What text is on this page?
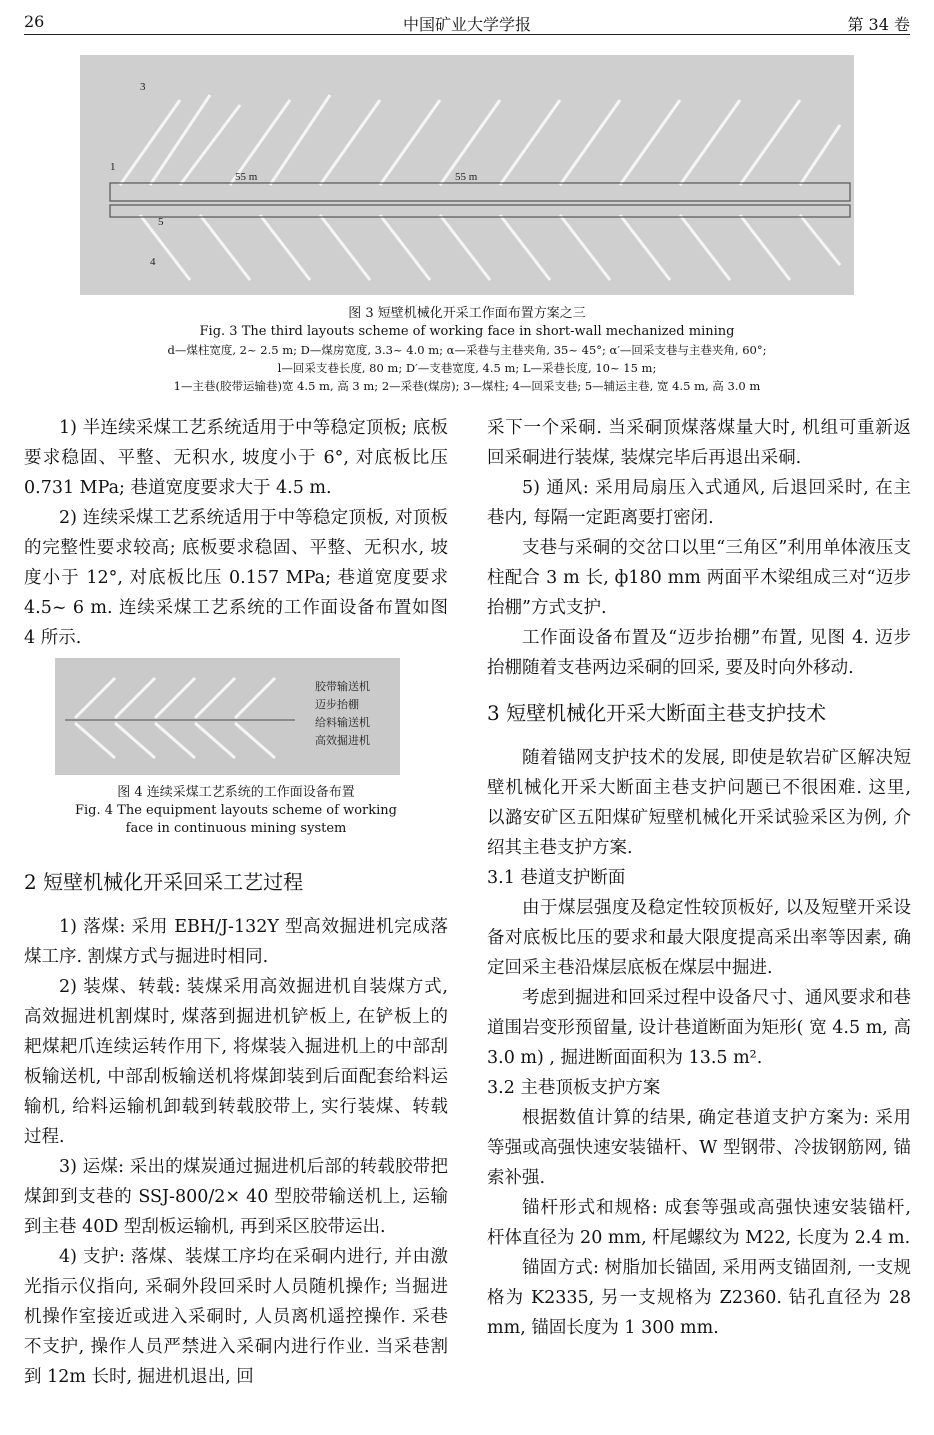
26	中国矿业大学学报	第 34 卷
55 m	55 m
1
3
5
4
图 3 短壁机械化开采工作面布置方案之三
Fig. 3 The third layouts scheme of working face in short-wall mechanized mining
d—煤柱宽度, 2~ 2.5 m; D—煤房宽度, 3.3~ 4.0 m; α—采巷与主巷夹角, 35~ 45°; α′—回采支巷与主巷夹角, 60°;
l—回采支巷长度, 80 m; D′—支巷宽度, 4.5 m; L—采巷长度, 10~ 15 m;
1—主巷(胶带运输巷)宽 4.5 m, 高 3 m; 2—采巷(煤房); 3—煤柱; 4—回采支巷; 5—辅运主巷, 宽 4.5 m, 高 3.0 m

1) 半连续采煤工艺系统适用于中等稳定顶板; 底板要求稳固、平整、无积水, 坡度小于 6°, 对底板比压 0.731 MPa; 巷道宽度要求大于 4.5 m.

2) 连续采煤工艺系统适用于中等稳定顶板, 对顶板的完整性要求较高; 底板要求稳固、平整、无积水, 坡度小于 12°, 对底板比压 0.157 MPa; 巷道宽度要求 4.5~ 6 m. 连续采煤工艺系统的工作面设备布置如图 4 所示.

胶带输送机
迈步抬棚
给料输送机
高效掘进机
图 4 连续采煤工艺系统的工作面设备布置
Fig. 4 The equipment layouts scheme of working
face in continuous mining system
2 短壁机械化开采回采工艺过程

1) 落煤: 采用 EBH/J-132Y 型高效掘进机完成落煤工序. 割煤方式与掘进时相同.

2) 装煤、转载: 装煤采用高效掘进机自装煤方式, 高效掘进机割煤时, 煤落到掘进机铲板上, 在铲板上的耙煤耙爪连续运转作用下, 将煤装入掘进机上的中部刮板输送机, 中部刮板输送机将煤卸装到后面配套给料运输机, 给料运输机卸载到转载胶带上, 实行装煤、转载过程.

3) 运煤: 采出的煤炭通过掘进机后部的转载胶带把煤卸到支巷的 SSJ-800/2× 40 型胶带输送机上, 运输到主巷 40D 型刮板运输机, 再到采区胶带运出.

4) 支护: 落煤、装煤工序均在采硐内进行, 并由激光指示仪指向, 采硐外段回采时人员随机操作; 当掘进机操作室接近或进入采硐时, 人员离机遥控操作. 采巷不支护, 操作人员严禁进入采硐内进行作业. 当采巷割到 12m 长时, 掘进机退出, 回

采下一个采硐. 当采硐顶煤落煤量大时, 机组可重新返回采硐进行装煤, 装煤完毕后再退出采硐.

5) 通风: 采用局扇压入式通风, 后退回采时, 在主巷内, 每隔一定距离要打密闭.

支巷与采硐的交岔口以里“三角区”利用单体液压支柱配合 3 m 长, ф180 mm 两面平木梁组成三对“迈步抬棚”方式支护.

工作面设备布置及“迈步抬棚”布置, 见图 4. 迈步抬棚随着支巷两边采硐的回采, 要及时向外移动.

3 短壁机械化开采大断面主巷支护技术

随着锚网支护技术的发展, 即使是软岩矿区解决短壁机械化开采大断面主巷支护问题已不很困难. 这里, 以潞安矿区五阳煤矿短壁机械化开采试验采区为例, 介绍其主巷支护方案.

3.1 巷道支护断面

由于煤层强度及稳定性较顶板好, 以及短壁开采设备对底板比压的要求和最大限度提高采出率等因素, 确定回采主巷沿煤层底板在煤层中掘进.

考虑到掘进和回采过程中设备尺寸、通风要求和巷道围岩变形预留量, 设计巷道断面为矩形( 宽 4.5 m, 高 3.0 m) , 掘进断面面积为 13.5 m².

3.2 主巷顶板支护方案

根据数值计算的结果, 确定巷道支护方案为: 采用等强或高强快速安装锚杆、W 型钢带、冷拔钢筋网, 锚索补强.

锚杆形式和规格: 成套等强或高强快速安装锚杆, 杆体直径为 20 mm, 杆尾螺纹为 M22, 长度为 2.4 m.

锚固方式: 树脂加长锚固, 采用两支锚固剂, 一支规格为 K2335, 另一支规格为 Z2360. 钻孔直径为 28 mm, 锚固长度为 1 300 mm.
